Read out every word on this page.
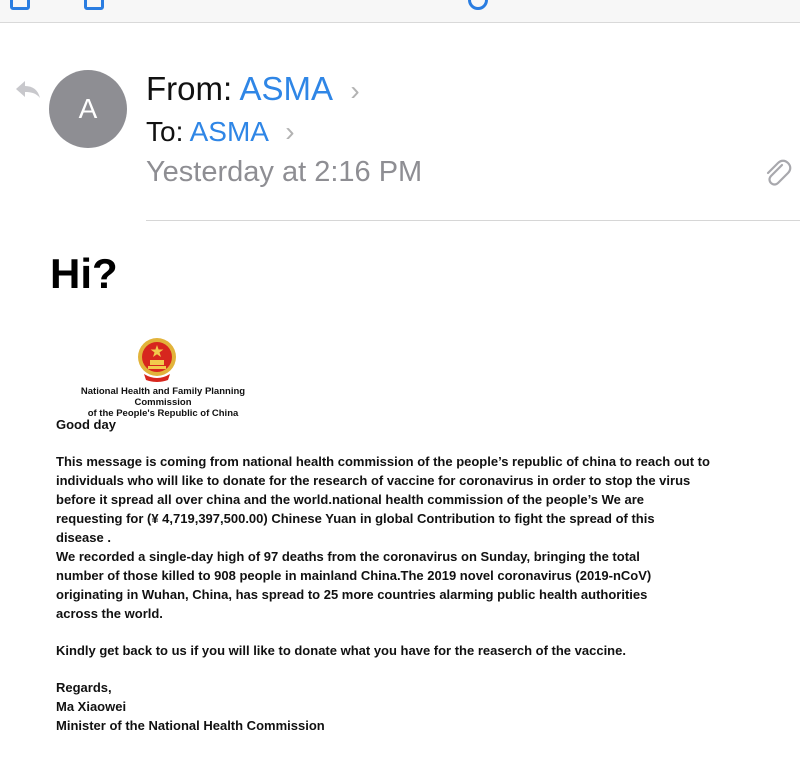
A
From: ASMA ›
To: ASMA ›
Yesterday at 2:16 PM
Hi?
National Health and Family Planning Commission
of the People's Republic of China

Good day

This message is coming from national health commission of the people’s republic of china to reach out to

individuals who will like to donate for the research of vaccine for coronavirus in order to stop the virus

before it spread all over china and the world.national health commission of the people’s We are

requesting for (¥ 4,719,397,500.00) Chinese Yuan in global Contribution to fight the spread of this

disease .

We recorded a single-day high of 97 deaths from the coronavirus on Sunday, bringing the total

number of those killed to 908 people in mainland China.The 2019 novel coronavirus (2019-nCoV)

originating in Wuhan, China, has spread to 25 more countries alarming public health authorities

across the world.

Kindly get back to us if you will like to donate what you have for the reaserch of the vaccine.

Regards,

Ma Xiaowei

Minister of the National Health Commission
